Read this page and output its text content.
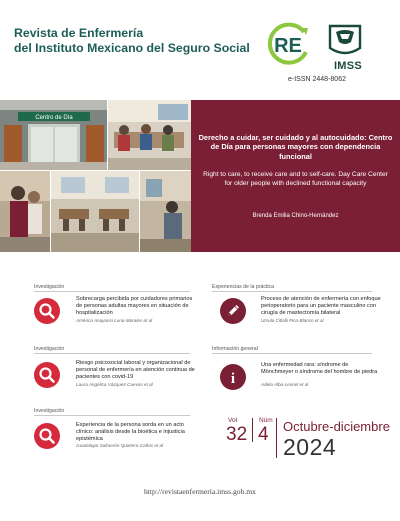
Revista de Enfermería
del Instituto Mexicano del Seguro Social	RE
IMSS
e-ISSN 2448-8062
Centro de Día
Derecho a cuidar, ser cuidado y al autocuidado: Centro de Día para personas mayores con dependencia funcional
Right to care, to receive care and to self-care. Day Care Center for older people with declined functional capacity
Brenda Emilia Chino-Hernández
Investigación
Sobrecarga percibida por cuidadores primarios de personas adultas mayores en situación de hospitalización
América Anayansi Luna-Morales et al
Investigación
Riesgo psicosocial laboral y organizacional de personal de enfermería en atención continua de pacientes con covid-19
Laura Angélica Vázquez-Cuevas et al
Investigación
Experiencia de la persona sorda en un acto clínico: análisis desde la bioética e injusticia epistémica
Guadalupe Salmerón Quintero-Cañas et al
Experiencias de la práctica
Proceso de atención de enfermería con enfoque perioperatorio para un paciente masculino con cirugía de mastectomía bilateral
Ursula Citlalli Pico-Blanco et al
Información general
i
Una enfermedad rara: síndrome de Mönchmeyer o síndrome del hombre de piedra
Adela Alba-Leonel et al
Vol	Núm
32 4 Octubre-diciembre
2024
http://revistaenfermeria.imss.gob.mx
